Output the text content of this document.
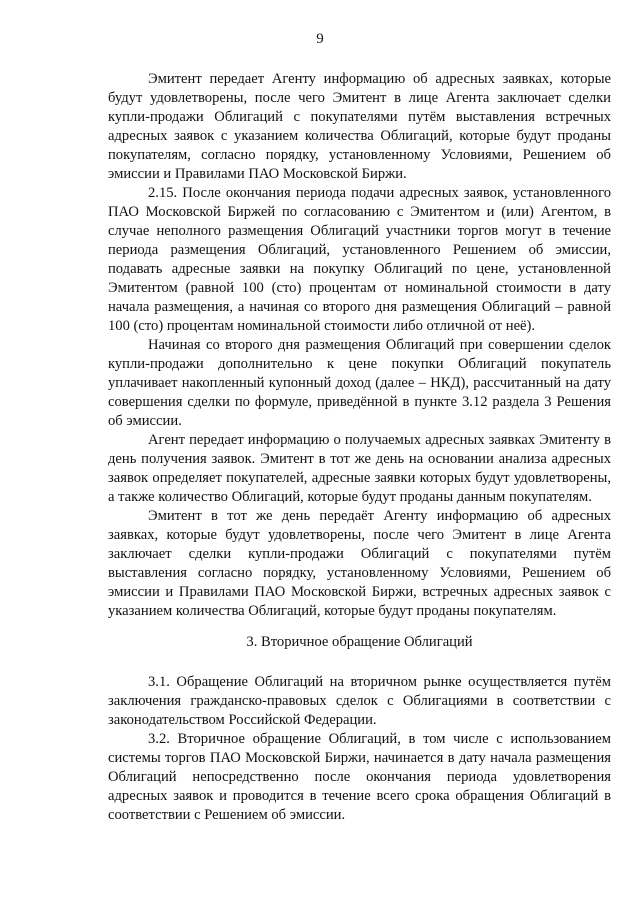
9

Эмитент передает Агенту информацию об адресных заявках, которые будут удовлетворены, после чего Эмитент в лице Агента заключает сделки купли-продажи Облигаций с покупателями путём выставления встречных адресных заявок с указанием количества Облигаций, которые будут проданы покупателям, согласно порядку, установленному Условиями, Решением об эмиссии и Правилами ПАО Московской Биржи.

2.15. После окончания периода подачи адресных заявок, установленного ПАО Московской Биржей по согласованию с Эмитентом и (или) Агентом, в случае неполного размещения Облигаций участники торгов могут в течение периода размещения Облигаций, установленного Решением об эмиссии, подавать адресные заявки на покупку Облигаций по цене, установленной Эмитентом (равной 100 (сто) процентам от номинальной стоимости в дату начала размещения, а начиная со второго дня размещения Облигаций – равной 100 (сто) процентам номинальной стоимости либо отличной от неё).

Начиная со второго дня размещения Облигаций при совершении сделок купли-продажи дополнительно к цене покупки Облигаций покупатель уплачивает накопленный купонный доход (далее – НКД), рассчитанный на дату совершения сделки по формуле, приведённой в пункте 3.12 раздела 3 Решения об эмиссии.

Агент передает информацию о получаемых адресных заявках Эмитенту в день получения заявок. Эмитент в тот же день на основании анализа адресных заявок определяет покупателей, адресные заявки которых будут удовлетворены, а также количество Облигаций, которые будут проданы данным покупателям.

Эмитент в тот же день передаёт Агенту информацию об адресных заявках, которые будут удовлетворены, после чего Эмитент в лице Агента заключает сделки купли-продажи Облигаций с покупателями путём выставления согласно порядку, установленному Условиями, Решением об эмиссии и Правилами ПАО Московской Биржи, встречных адресных заявок с указанием количества Облигаций, которые будут проданы покупателям.

3. Вторичное обращение Облигаций

3.1. Обращение Облигаций на вторичном рынке осуществляется путём заключения гражданско-правовых сделок с Облигациями в соответствии с законодательством Российской Федерации.

3.2. Вторичное обращение Облигаций, в том числе с использованием системы торгов ПАО Московской Биржи, начинается в дату начала размещения Облигаций непосредственно после окончания периода удовлетворения адресных заявок и проводится в течение всего срока обращения Облигаций в соответствии с Решением об эмиссии.
